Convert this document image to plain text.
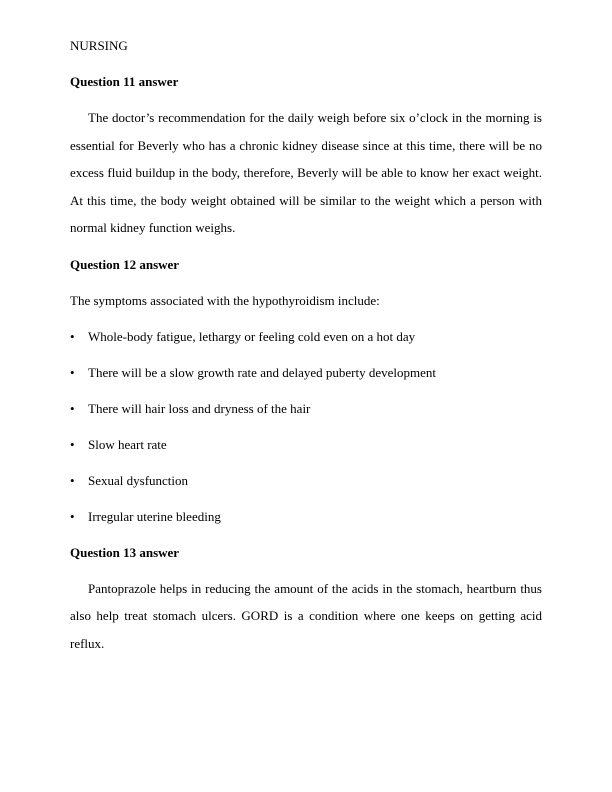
NURSING

Question 11 answer

The doctor’s recommendation for the daily weigh before six o’clock in the morning is essential for Beverly who has a chronic kidney disease since at this time, there will be no excess fluid buildup in the body, therefore, Beverly will be able to know her exact weight. At this time, the body weight obtained will be similar to the weight which a person with normal kidney function weighs.

Question 12 answer

The symptoms associated with the hypothyroidism include:

•	Whole-body fatigue, lethargy or feeling cold even on a hot day
•	There will be a slow growth rate and delayed puberty development
•	There will hair loss and dryness of the hair
•	Slow heart rate
•	Sexual dysfunction
•	Irregular uterine bleeding

Question 13 answer

Pantoprazole helps in reducing the amount of the acids in the stomach, heartburn thus also help treat stomach ulcers. GORD is a condition where one keeps on getting acid reflux.
